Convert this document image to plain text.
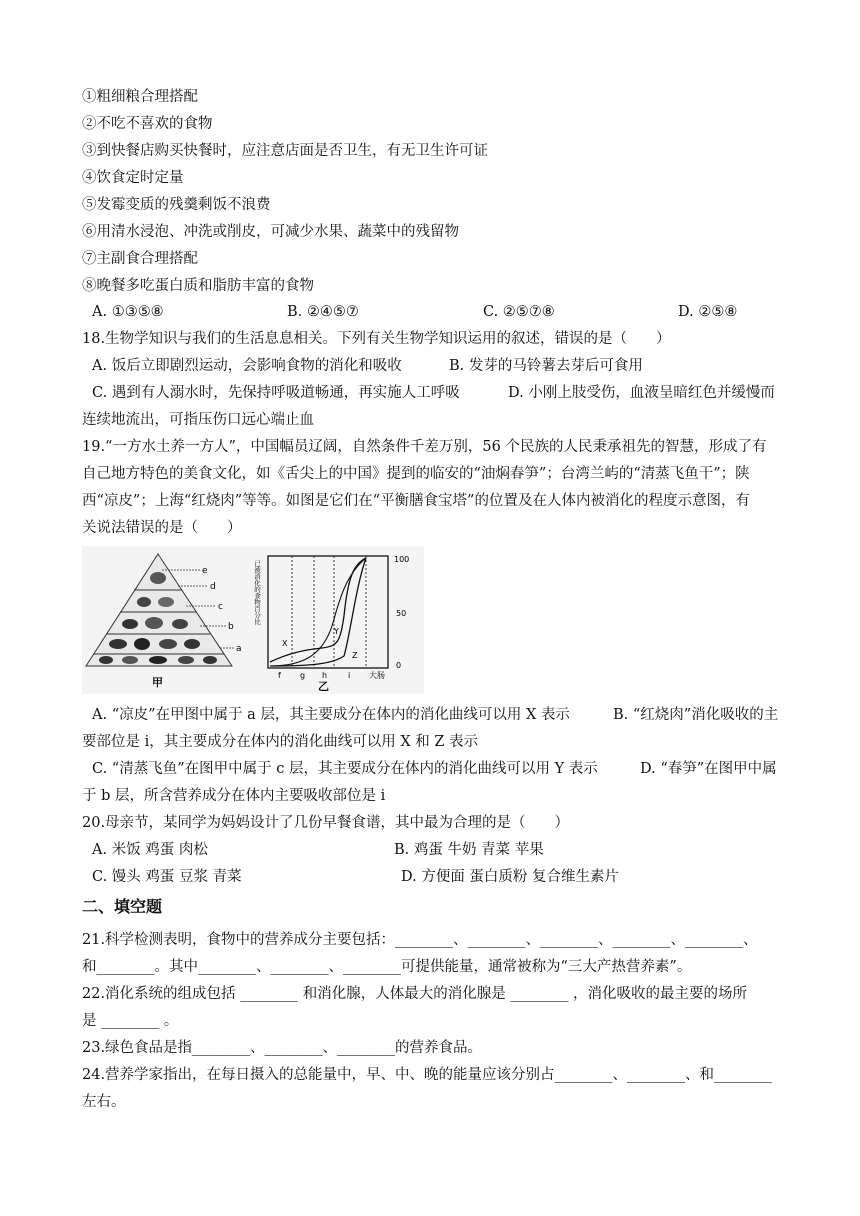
①粗细粮合理搭配
②不吃不喜欢的食物
③到快餐店购买快餐时，应注意店面是否卫生，有无卫生许可证
④饮食定时定量
⑤发霉变质的残羹剩饭不浪费
⑥用清水浸泡、冲洗或削皮，可减少水果、蔬菜中的残留物
⑦主副食合理搭配
⑧晚餐多吃蛋白质和脂肪丰富的食物
A. ①③⑤⑧	B. ②④⑤⑦	C. ②⑤⑦⑧	D. ②⑤⑧
18.生物学知识与我们的生活息息相关。下列有关生物学知识运用的叙述，错误的是（　　）
A. 饭后立即剧烈运动，会影响食物的消化和吸收	B. 发芽的马铃薯去芽后可食用
C. 遇到有人溺水时，先保持呼吸道畅通，再实施人工呼吸	D. 小刚上肢受伤，血液呈暗红色并缓慢而
连续地流出，可指压伤口远心端止血
19.“一方水土养一方人”，中国幅员辽阔，自然条件千差万别，56 个民族的人民秉承祖先的智慧，形成了有
自己地方特色的美食文化，如《舌尖上的中国》提到的临安的“油焖春笋”；台湾兰屿的“清蒸飞鱼干”；陕
西“凉皮”；上海“红烧肉”等等。如图是它们在“平衡膳食宝塔”的位置及在人体内被消化的程度示意图，有
关说法错误的是（　　）
e
d
c
b
a
甲
已被消化的食物百分比
X
Y
Z
100
50
0
f g h	i 大肠
乙
A. “凉皮”在甲图中属于 a 层，其主要成分在体内的消化曲线可以用 X 表示	B. “红烧肉”消化吸收的主
要部位是 i，其主要成分在体内的消化曲线可以用 X 和 Z 表示
C. “清蒸飞鱼”在图甲中属于 c 层，其主要成分在体内的消化曲线可以用 Y 表示	D. “春笋”在图甲中属
于 b 层，所含营养成分在体内主要吸收部位是 i
20.母亲节，某同学为妈妈设计了几份早餐食谱，其中最为合理的是（　　）
A. 米饭 鸡蛋 肉松	B. 鸡蛋 牛奶 青菜 苹果
C. 馒头 鸡蛋 豆浆 青菜	D. 方便面 蛋白质粉 复合维生素片
二、填空题
21.科学检测表明，食物中的营养成分主要包括：________、________、________、________、________、
和________。其中________、________、________可提供能量，通常被称为“三大产热营养素”。
22.消化系统的组成包括 ________ 和消化腺，人体最大的消化腺是 ________ ，消化吸收的最主要的场所
是 ________ 。
23.绿色食品是指________、________、________的营养食品。
24.营养学家指出，在每日摄入的总能量中，早、中、晚的能量应该分别占________、________、和________
左右。
